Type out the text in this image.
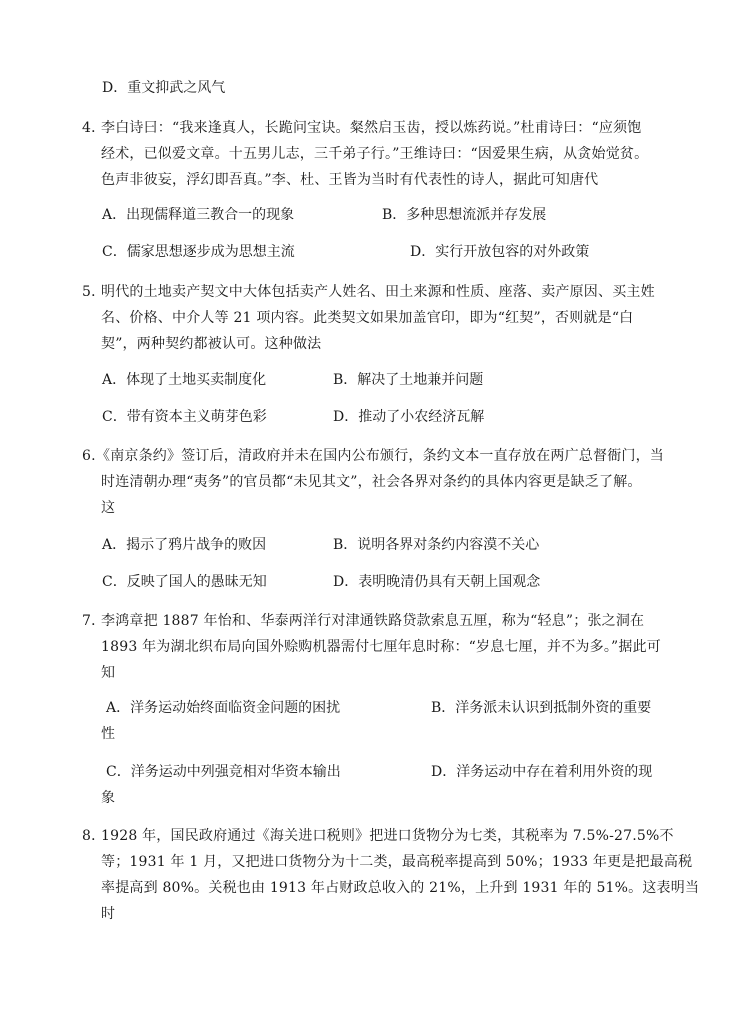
D．重文抑武之风气
4．
李白诗曰：“我来逢真人，长跪问宝诀。粲然启玉齿，授以炼药说。”杜甫诗曰：“应须饱
经术，已似爱文章。十五男儿志，三千弟子行。”王维诗曰：“因爱果生病，从贪始觉贫。
色声非彼妄，浮幻即吾真。”李、杜、王皆为当时有代表性的诗人，据此可知唐代
A．出现儒释道三教合一的现象	B．多种思想流派并存发展
C．儒家思想逐步成为思想主流	D．实行开放包容的对外政策
5．
明代的土地卖产契文中大体包括卖产人姓名、田土来源和性质、座落、卖产原因、买主姓
名、价格、中介人等 21 项内容。此类契文如果加盖官印，即为“红契”，否则就是“白
契”，两种契约都被认可。这种做法
A．体现了土地买卖制度化	B．解决了土地兼并问题
C．带有资本主义萌芽色彩	D．推动了小农经济瓦解
6. 《南京条约》签订后，清政府并未在国内公布颁行，条约文本一直存放在两广总督衙门，当
时连清朝办理“夷务”的官员都“未见其文”，社会各界对条约的具体内容更是缺乏了解。
这
A．揭示了鸦片战争的败因	B．说明各界对条约内容漠不关心
C．反映了国人的愚昧无知	D．表明晚清仍具有天朝上国观念
7．
李鸿章把 1887 年怡和、华泰两洋行对津通铁路贷款索息五厘，称为“轻息”；张之洞在
1893 年为湖北织布局向国外赊购机器需付七厘年息时称：“岁息七厘，并不为多。”据此可
知
A．洋务运动始终面临资金问题的困扰	B．洋务派未认识到抵制外资的重要
性
C．洋务运动中列强竞相对华资本输出	D．洋务运动中存在着利用外资的现
象
8．
1928 年，国民政府通过《海关进口税则》把进口货物分为七类，其税率为 7.5%-27.5%不
等；1931 年 1 月，又把进口货物分为十二类，最高税率提高到 50%；1933 年更是把最高税
率提高到 80%。关税也由 1913 年占财政总收入的 21%，上升到 1931 年的 51%。这表明当
时
